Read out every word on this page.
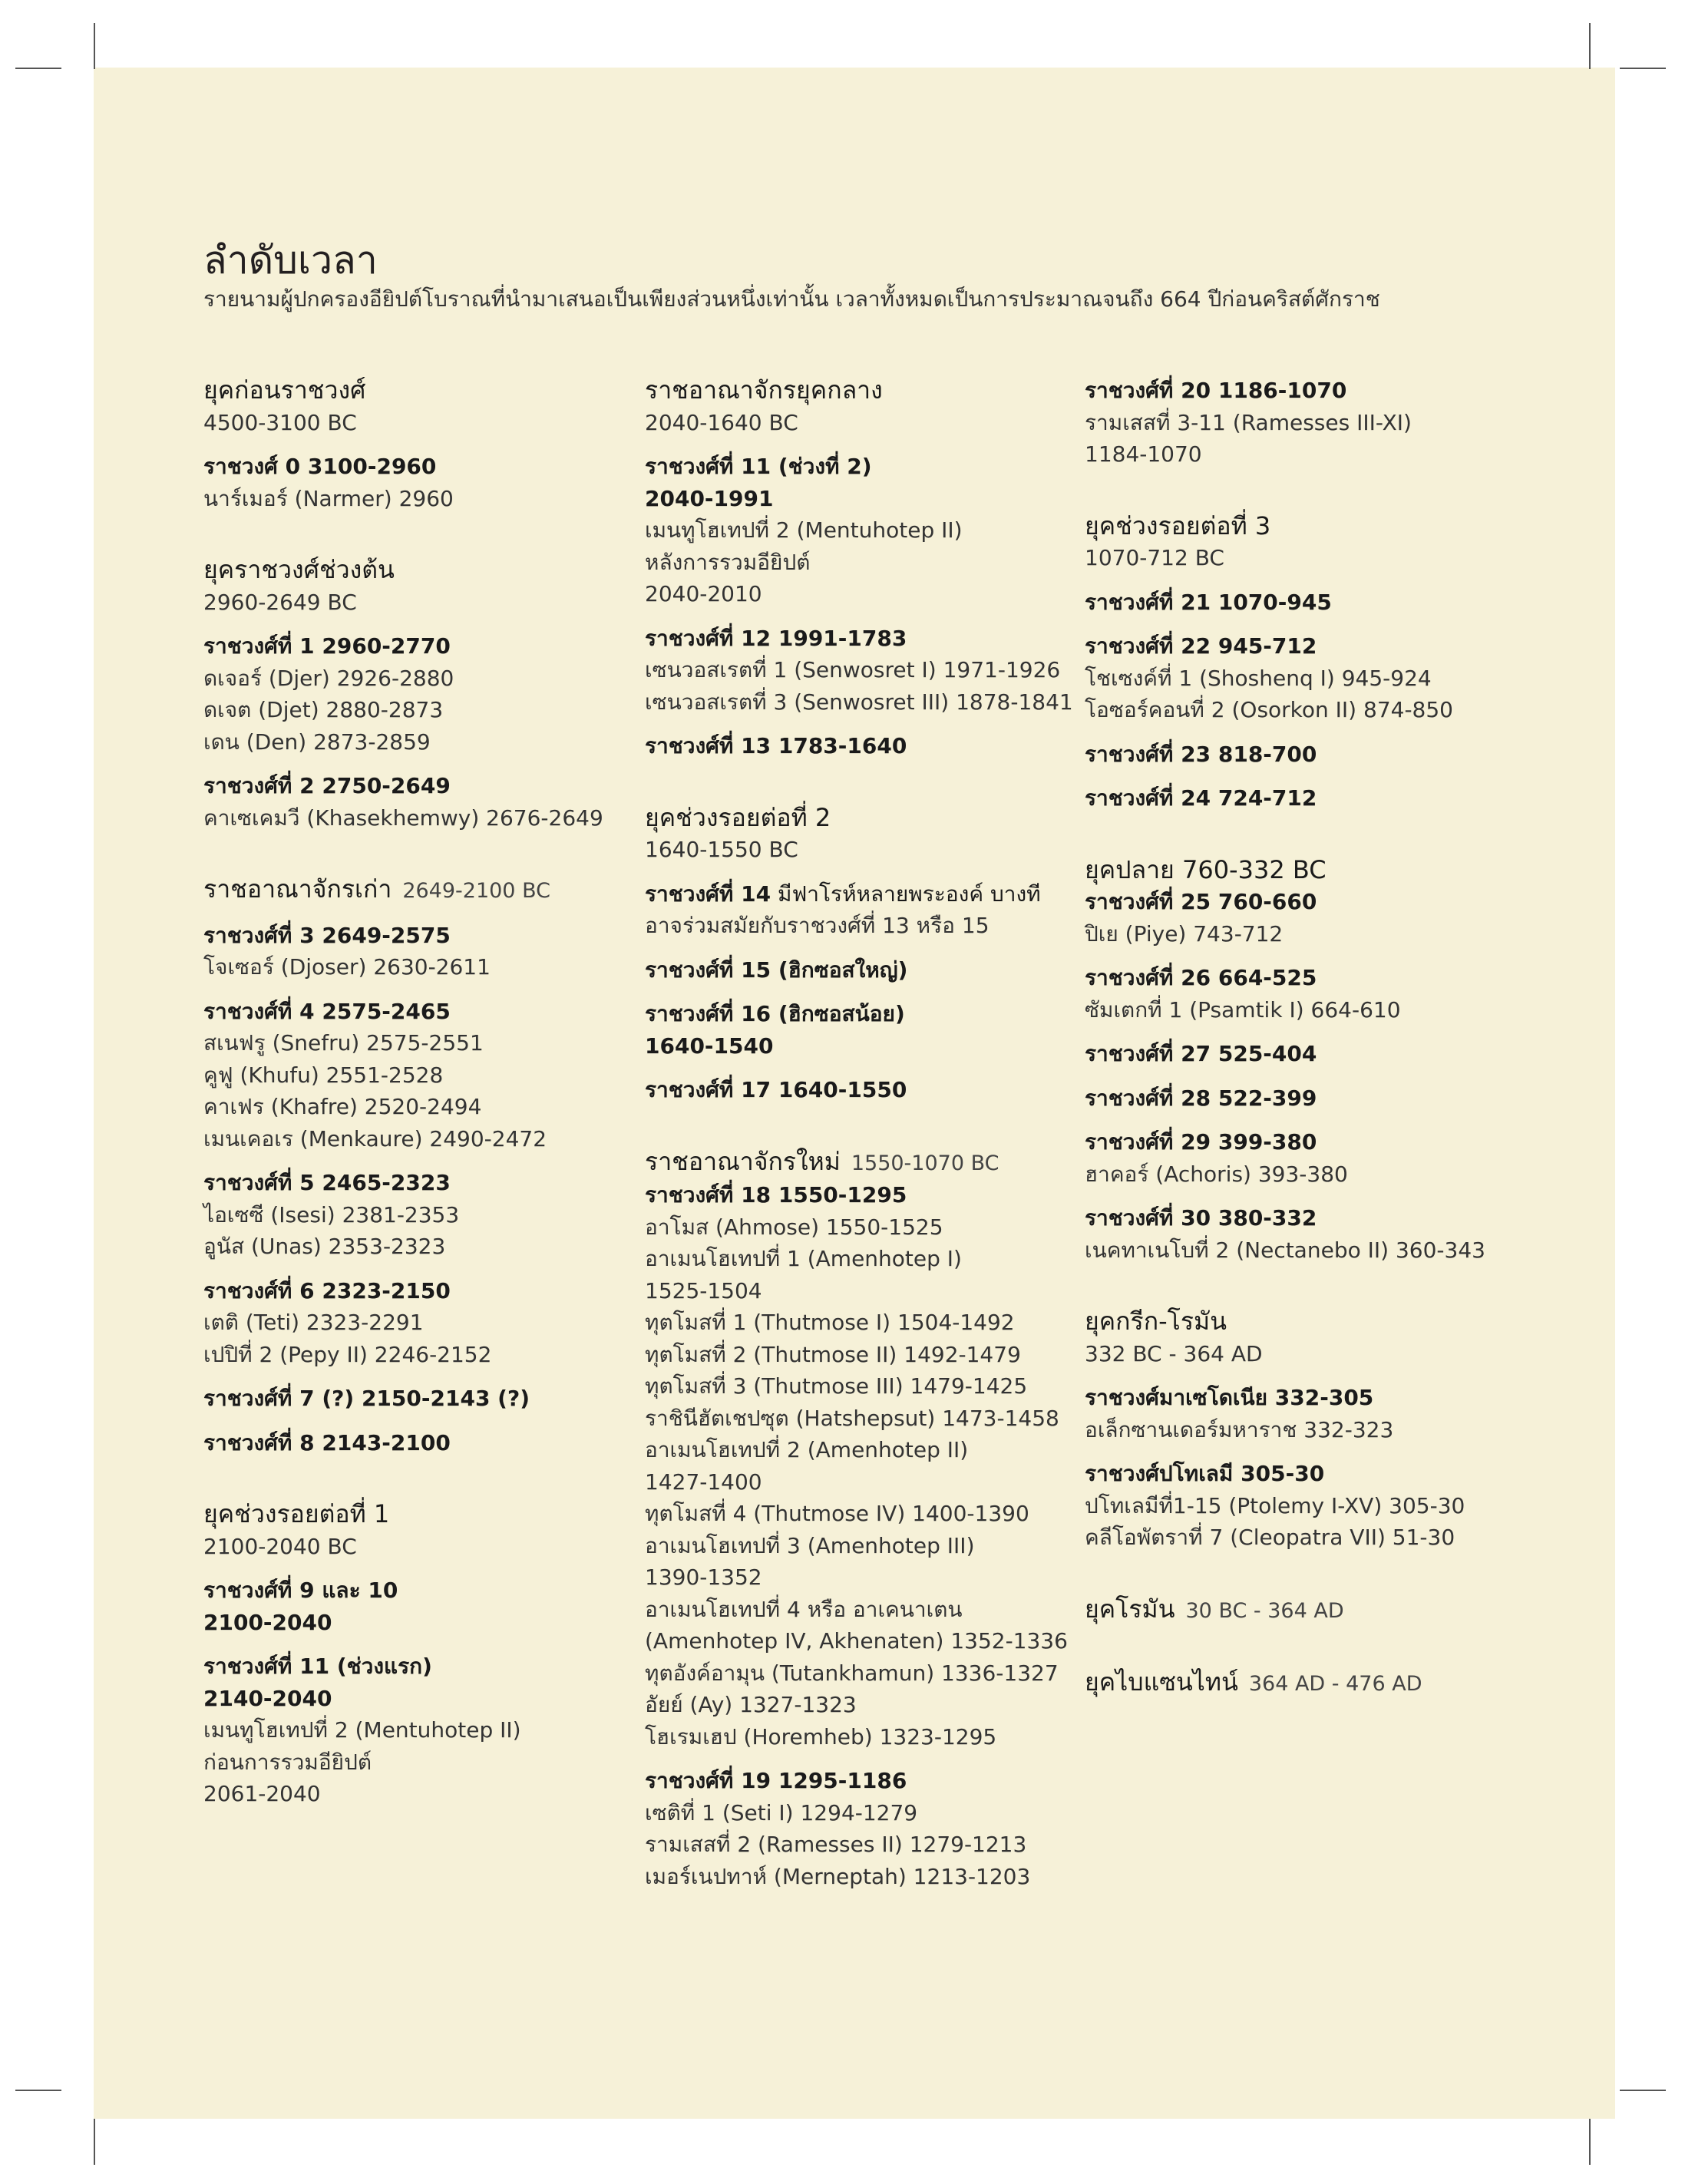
ลำดับเวลา
รายนามผู้ปกครองอียิปต์โบราณที่นำมาเสนอเป็นเพียงส่วนหนึ่งเท่านั้น เวลาทั้งหมดเป็นการประมาณจนถึง 664 ปีก่อนคริสต์ศักราช
ยุคก่อนราชวงศ์
4500-3100 BC
ราชวงศ์ 0 3100-2960
นาร์เมอร์ (Narmer) 2960
ยุคราชวงศ์ช่วงต้น
2960-2649 BC
ราชวงศ์ที่ 1 2960-2770
ดเจอร์ (Djer) 2926-2880
ดเจต (Djet) 2880-2873
เดน (Den) 2873-2859
ราชวงศ์ที่ 2 2750-2649
คาเซเคมวี (Khasekhemwy) 2676-2649
ราชอาณาจักรเก่า 2649-2100 BC
ราชวงศ์ที่ 3 2649-2575
โจเซอร์ (Djoser) 2630-2611
ราชวงศ์ที่ 4 2575-2465
สเนฟรู (Snefru) 2575-2551
คูฟู (Khufu) 2551-2528
คาเฟร (Khafre) 2520-2494
เมนเคอเร (Menkaure) 2490-2472
ราชวงศ์ที่ 5 2465-2323
ไอเซซี (Isesi) 2381-2353
อูนัส (Unas) 2353-2323
ราชวงศ์ที่ 6 2323-2150
เตติ (Teti) 2323-2291
เปปิที่ 2 (Pepy II) 2246-2152
ราชวงศ์ที่ 7 (?) 2150-2143 (?)
ราชวงศ์ที่ 8 2143-2100
ยุคช่วงรอยต่อที่ 1
2100-2040 BC
ราชวงศ์ที่ 9 และ 10
2100-2040
ราชวงศ์ที่ 11 (ช่วงแรก)
2140-2040
เมนทูโฮเทปที่ 2 (Mentuhotep II)
ก่อนการรวมอียิปต์
2061-2040
ราชอาณาจักรยุคกลาง
2040-1640 BC
ราชวงศ์ที่ 11 (ช่วงที่ 2)
2040-1991
เมนทูโฮเทปที่ 2 (Mentuhotep II)
หลังการรวมอียิปต์
2040-2010
ราชวงศ์ที่ 12 1991-1783
เซนวอสเรตที่ 1 (Senwosret I) 1971-1926
เซนวอสเรตที่ 3 (Senwosret III) 1878-1841
ราชวงศ์ที่ 13 1783-1640
ยุคช่วงรอยต่อที่ 2
1640-1550 BC
ราชวงศ์ที่ 14 มีฟาโรห์หลายพระองค์ บางที
อาจร่วมสมัยกับราชวงศ์ที่ 13 หรือ 15
ราชวงศ์ที่ 15 (ฮิกซอสใหญ่)
ราชวงศ์ที่ 16 (ฮิกซอสน้อย)
1640-1540
ราชวงศ์ที่ 17 1640-1550
ราชอาณาจักรใหม่ 1550-1070 BC
ราชวงศ์ที่ 18 1550-1295
อาโมส (Ahmose) 1550-1525
อาเมนโฮเทปที่ 1 (Amenhotep I)
1525-1504
ทุตโมสที่ 1 (Thutmose I) 1504-1492
ทุตโมสที่ 2 (Thutmose II) 1492-1479
ทุตโมสที่ 3 (Thutmose III) 1479-1425
ราชินีฮัตเชปซุต (Hatshepsut) 1473-1458
อาเมนโฮเทปที่ 2 (Amenhotep II)
1427-1400
ทุตโมสที่ 4 (Thutmose IV) 1400-1390
อาเมนโฮเทปที่ 3 (Amenhotep III)
1390-1352
อาเมนโฮเทปที่ 4 หรือ อาเคนาเตน
(Amenhotep IV, Akhenaten) 1352-1336
ทุตอังค์อามุน (Tutankhamun) 1336-1327
อัยย์ (Ay) 1327-1323
โฮเรมเฮป (Horemheb) 1323-1295
ราชวงศ์ที่ 19 1295-1186
เซติที่ 1 (Seti I) 1294-1279
รามเสสที่ 2 (Ramesses II) 1279-1213
เมอร์เนปทาห์ (Merneptah) 1213-1203
ราชวงศ์ที่ 20 1186-1070
รามเสสที่ 3-11 (Ramesses III-XI)
1184-1070
ยุคช่วงรอยต่อที่ 3
1070-712 BC
ราชวงศ์ที่ 21 1070-945
ราชวงศ์ที่ 22 945-712
โชเซงค์ที่ 1 (Shoshenq I) 945-924
โอซอร์คอนที่ 2 (Osorkon II) 874-850
ราชวงศ์ที่ 23 818-700
ราชวงศ์ที่ 24 724-712
ยุคปลาย 760-332 BC
ราชวงศ์ที่ 25 760-660
ปิเย (Piye) 743-712
ราชวงศ์ที่ 26 664-525
ซัมเตกที่ 1 (Psamtik I) 664-610
ราชวงศ์ที่ 27 525-404
ราชวงศ์ที่ 28 522-399
ราชวงศ์ที่ 29 399-380
ฮาคอร์ (Achoris) 393-380
ราชวงศ์ที่ 30 380-332
เนคทาเนโบที่ 2 (Nectanebo II) 360-343
ยุคกรีก-โรมัน
332 BC - 364 AD
ราชวงศ์มาเซโดเนีย 332-305
อเล็กซานเดอร์มหาราช 332-323
ราชวงศ์ปโทเลมี 305-30
ปโทเลมีที่1-15 (Ptolemy I-XV) 305-30
คลีโอพัตราที่ 7 (Cleopatra VII) 51-30
ยุคโรมัน 30 BC - 364 AD
ยุคไบแซนไทน์ 364 AD - 476 AD
